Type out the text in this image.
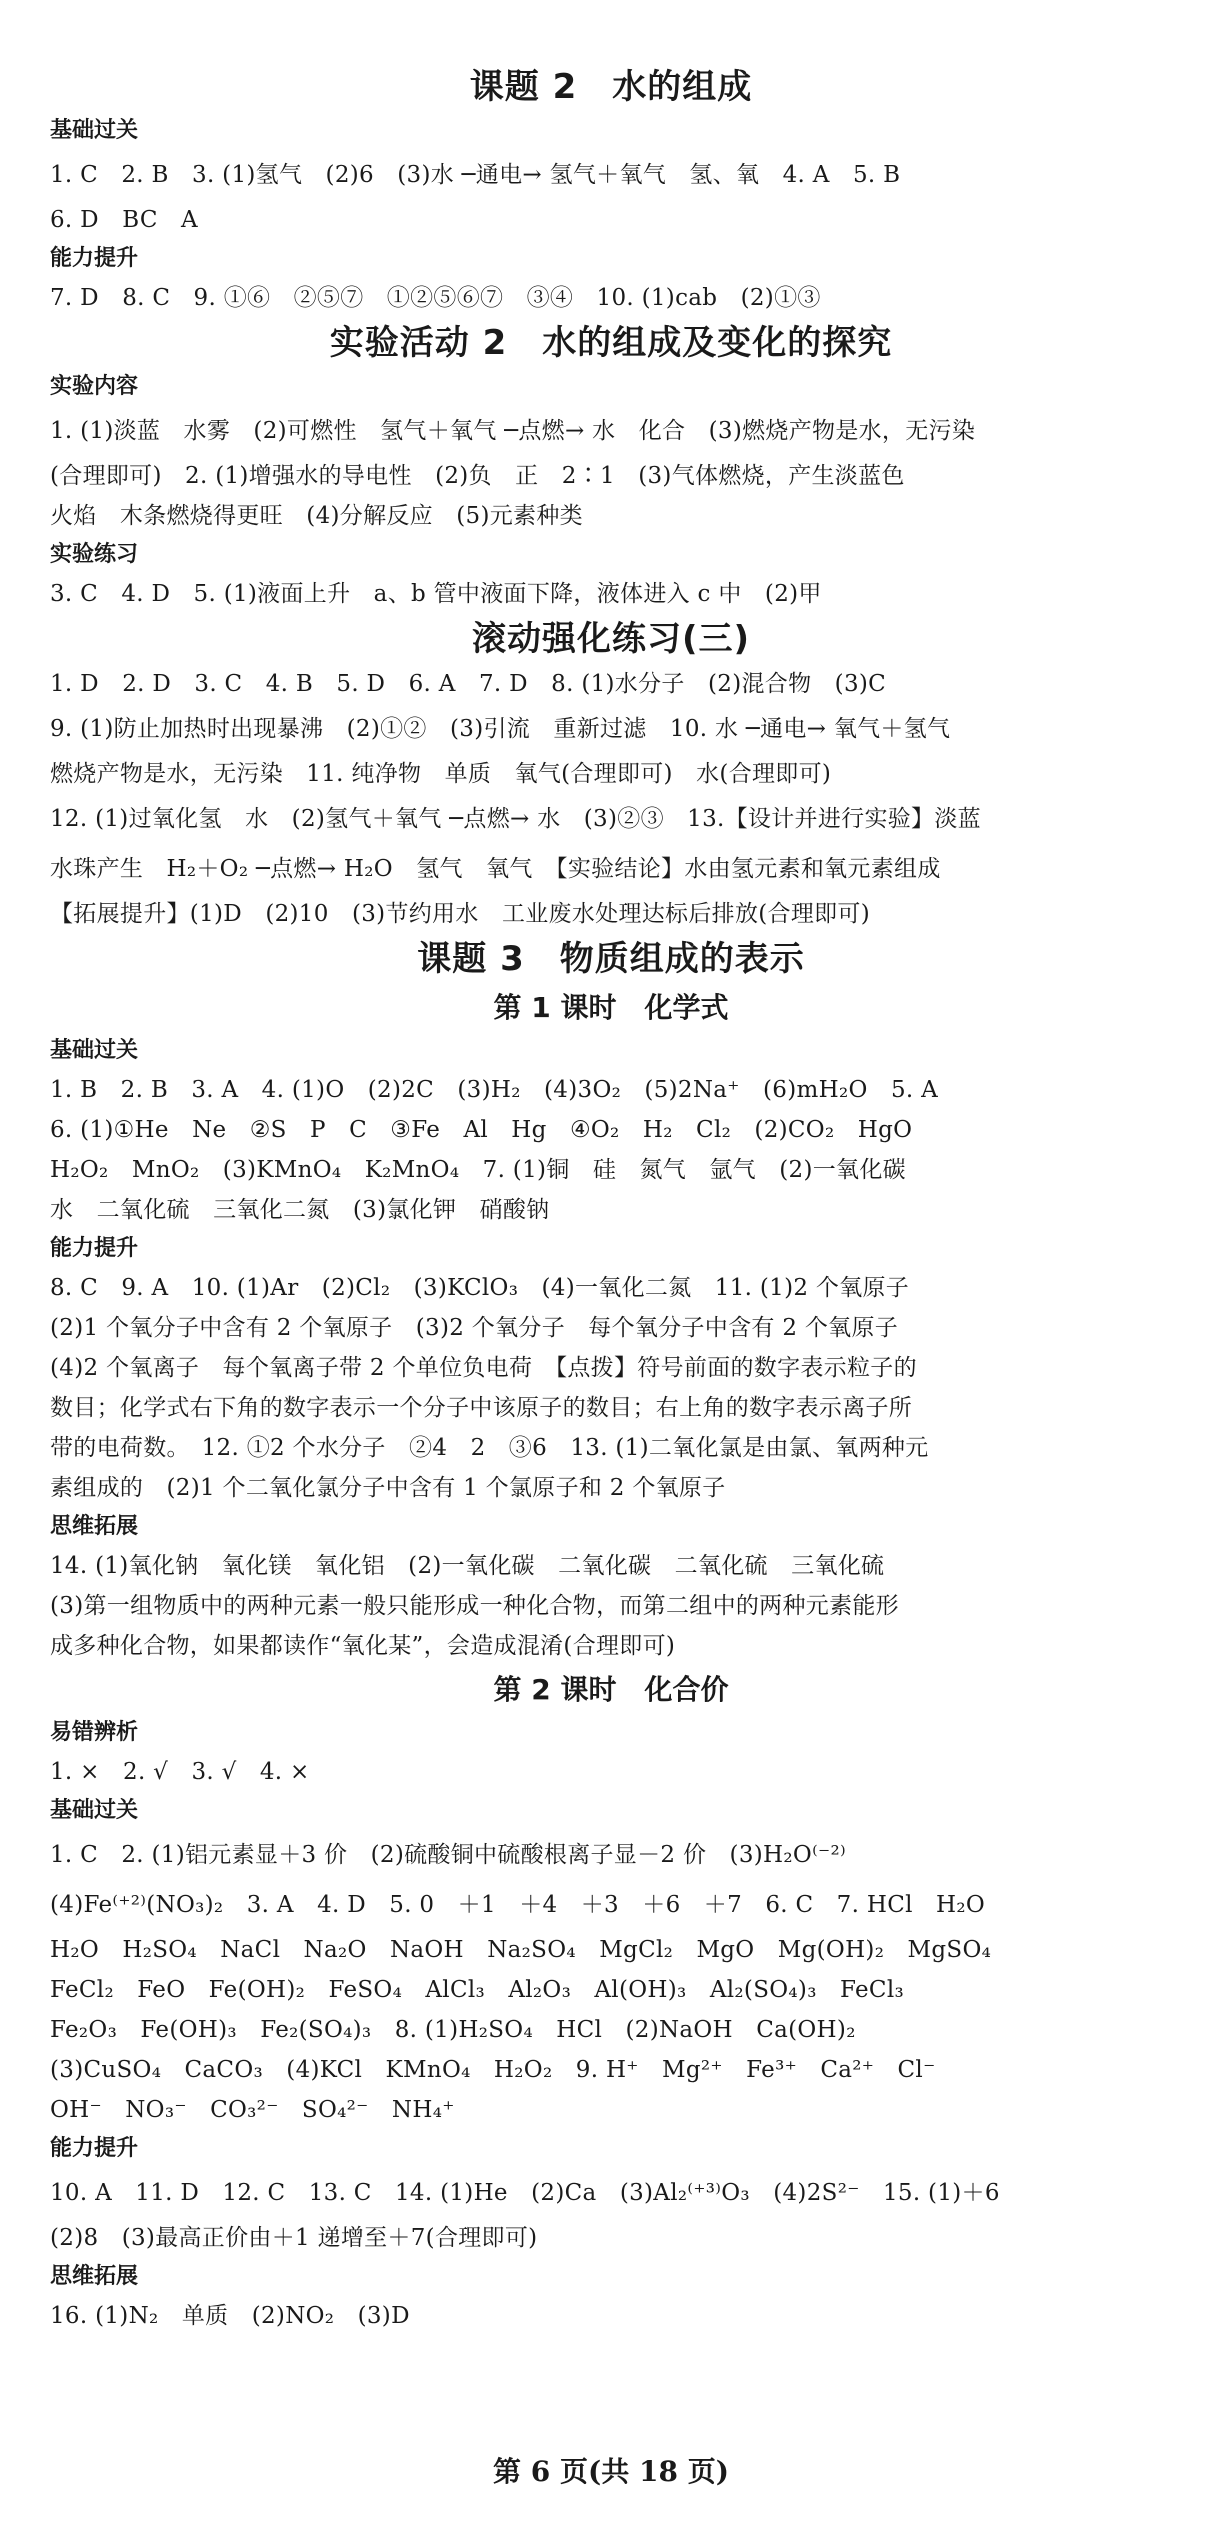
课题 2　水的组成
基础过关
1. C　2. B　3. (1)氢气　(2)6　(3)水 ─通电→ 氢气＋氧气　氢、氧　4. A　5. B
6. D　BC　A
能力提升
7. D　8. C　9. ①⑥　②⑤⑦　①②⑤⑥⑦　③④　10. (1)cab　(2)①③
实验活动 2　水的组成及变化的探究
实验内容
1. (1)淡蓝　水雾　(2)可燃性　氢气＋氧气 ─点燃→ 水　化合　(3)燃烧产物是水，无污染
(合理即可)　2. (1)增强水的导电性　(2)负　正　2∶1　(3)气体燃烧，产生淡蓝色
火焰　木条燃烧得更旺　(4)分解反应　(5)元素种类
实验练习
3. C　4. D　5. (1)液面上升　a、b 管中液面下降，液体进入 c 中　(2)甲
滚动强化练习(三)
1. D　2. D　3. C　4. B　5. D　6. A　7. D　8. (1)水分子　(2)混合物　(3)C
9. (1)防止加热时出现暴沸　(2)①②　(3)引流　重新过滤　10. 水 ─通电→ 氧气＋氢气
燃烧产物是水，无污染　11. 纯净物　单质　氧气(合理即可)　水(合理即可)
12. (1)过氧化氢　水　(2)氢气＋氧气 ─点燃→ 水　(3)②③　13.【设计并进行实验】淡蓝
水珠产生　H₂＋O₂ ─点燃→ H₂O　氢气　氧气　【实验结论】水由氢元素和氧元素组成
【拓展提升】(1)D　(2)10　(3)节约用水　工业废水处理达标后排放(合理即可)
课题 3　物质组成的表示
第 1 课时　化学式
基础过关
1. B　2. B　3. A　4. (1)O　(2)2C　(3)H₂　(4)3O₂　(5)2Na⁺　(6)mH₂O　5. A
6. (1)①He　Ne　②S　P　C　③Fe　Al　Hg　④O₂　H₂　Cl₂　(2)CO₂　HgO
H₂O₂　MnO₂　(3)KMnO₄　K₂MnO₄　7. (1)铜　硅　氮气　氩气　(2)一氧化碳
水　二氧化硫　三氧化二氮　(3)氯化钾　硝酸钠
能力提升
8. C　9. A　10. (1)Ar　(2)Cl₂　(3)KClO₃　(4)一氧化二氮　11. (1)2 个氧原子
(2)1 个氧分子中含有 2 个氧原子　(3)2 个氧分子　每个氧分子中含有 2 个氧原子
(4)2 个氧离子　每个氧离子带 2 个单位负电荷　【点拨】符号前面的数字表示粒子的
数目；化学式右下角的数字表示一个分子中该原子的数目；右上角的数字表示离子所
带的电荷数。　12. ①2 个水分子　②4　2　③6　13. (1)二氧化氯是由氯、氧两种元
素组成的　(2)1 个二氧化氯分子中含有 1 个氯原子和 2 个氧原子
思维拓展
14. (1)氧化钠　氧化镁　氧化铝　(2)一氧化碳　二氧化碳　二氧化硫　三氧化硫
(3)第一组物质中的两种元素一般只能形成一种化合物，而第二组中的两种元素能形
成多种化合物，如果都读作“氧化某”，会造成混淆(合理即可)
第 2 课时　化合价
易错辨析
1. ×　2. √　3. √　4. ×
基础过关
1. C　2. (1)铝元素显＋3 价　(2)硫酸铜中硫酸根离子显－2 价　(3)H₂O⁽⁻²⁾
(4)Fe⁽⁺²⁾(NO₃)₂　3. A　4. D　5. 0　＋1　＋4　＋3　＋6　＋7　6. C　7. HCl　H₂O
H₂O　H₂SO₄　NaCl　Na₂O　NaOH　Na₂SO₄　MgCl₂　MgO　Mg(OH)₂　MgSO₄
FeCl₂　FeO　Fe(OH)₂　FeSO₄　AlCl₃　Al₂O₃　Al(OH)₃　Al₂(SO₄)₃　FeCl₃
Fe₂O₃　Fe(OH)₃　Fe₂(SO₄)₃　8. (1)H₂SO₄　HCl　(2)NaOH　Ca(OH)₂
(3)CuSO₄　CaCO₃　(4)KCl　KMnO₄　H₂O₂　9. H⁺　Mg²⁺　Fe³⁺　Ca²⁺　Cl⁻
OH⁻　NO₃⁻　CO₃²⁻　SO₄²⁻　NH₄⁺
能力提升
10. A　11. D　12. C　13. C　14. (1)He　(2)Ca　(3)Al₂⁽⁺³⁾O₃　(4)2S²⁻　15. (1)＋6
(2)8　(3)最高正价由＋1 递增至＋7(合理即可)
思维拓展
16. (1)N₂　单质　(2)NO₂　(3)D
第 6 页(共 18 页)
